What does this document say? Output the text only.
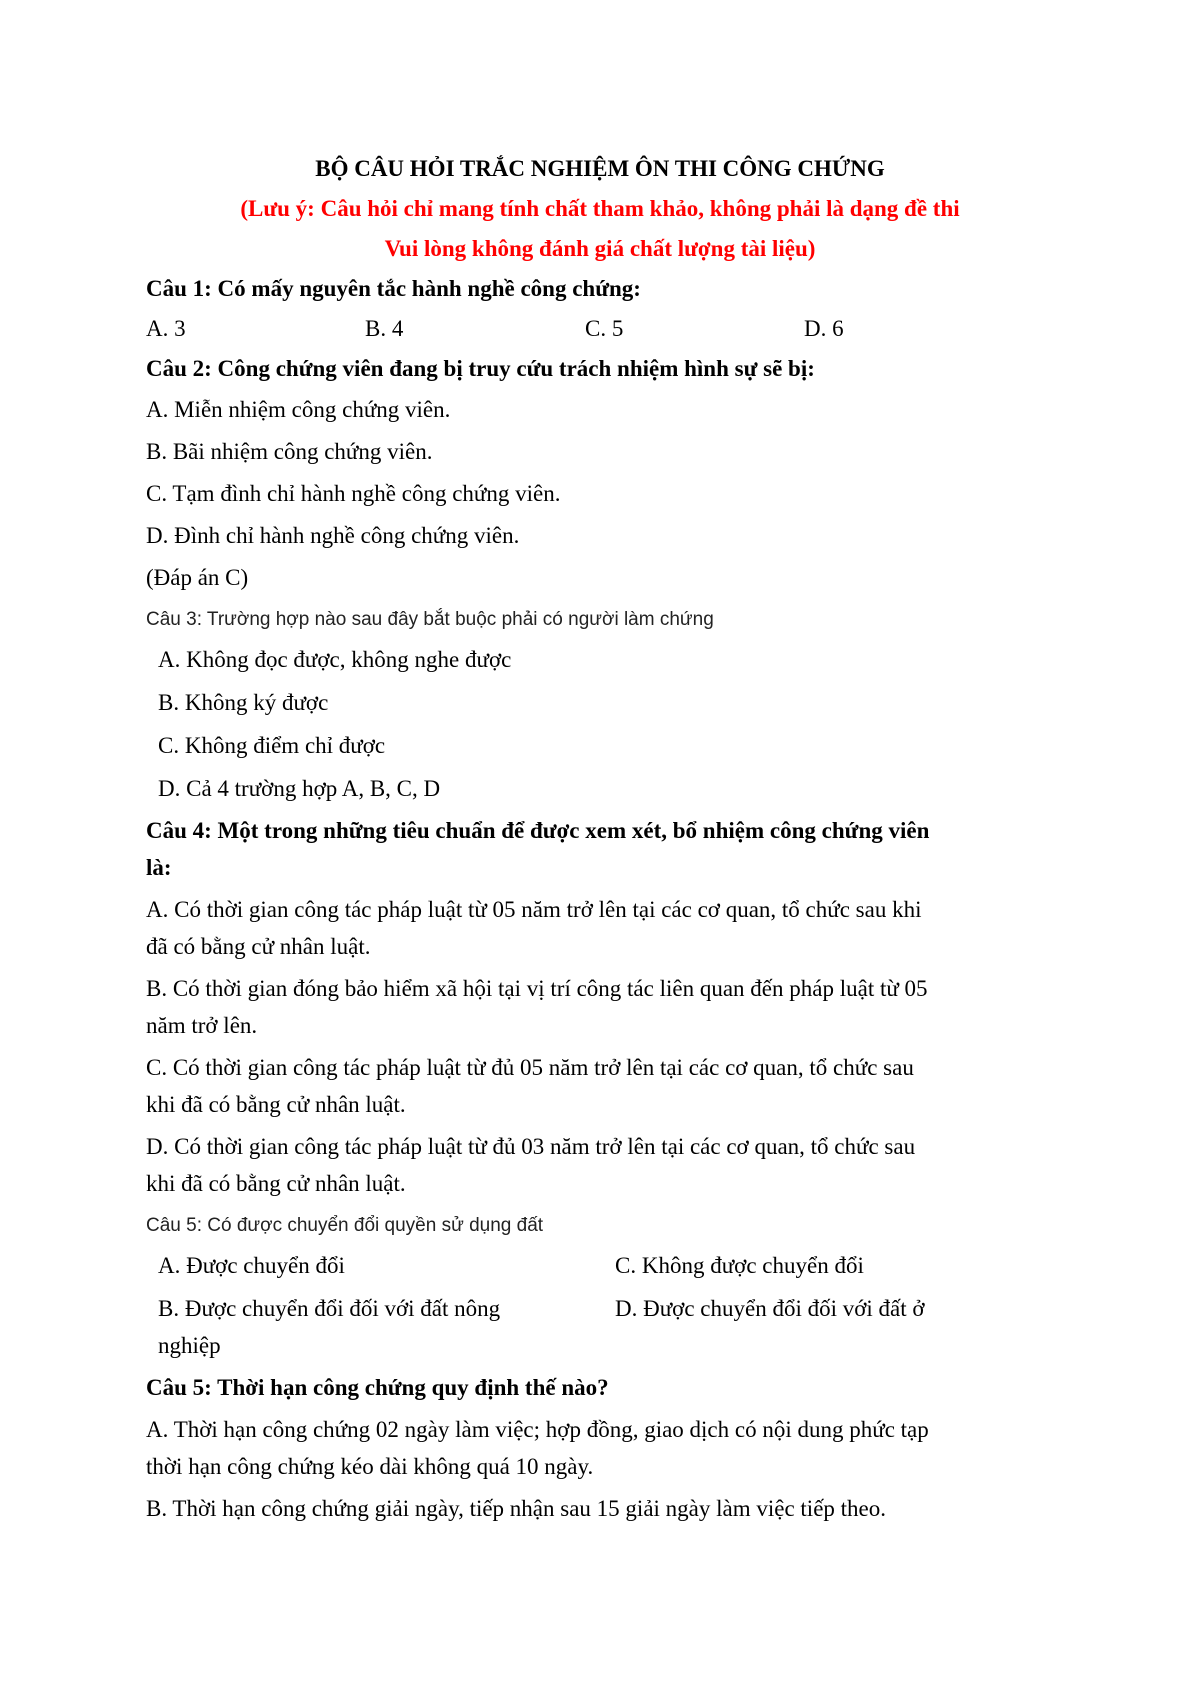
BỘ CÂU HỎI TRẮC NGHIỆM ÔN THI CÔNG CHỨNG
(Lưu ý: Câu hỏi chỉ mang tính chất tham khảo, không phải là dạng đề thi
Vui lòng không đánh giá chất lượng tài liệu)
Câu 1: Có mấy nguyên tắc hành nghề công chứng:
A. 3	B. 4	C. 5	D. 6
Câu 2: Công chứng viên đang bị truy cứu trách nhiệm hình sự sẽ bị:
A. Miễn nhiệm công chứng viên.
B. Bãi nhiệm công chứng viên.
C. Tạm đình chỉ hành nghề công chứng viên.
D. Đình chỉ hành nghề công chứng viên.
(Đáp án C)
Câu 3: Trường hợp nào sau đây bắt buộc phải có người làm chứng
A. Không đọc được, không nghe được
B. Không ký được
C. Không điểm chỉ được
D. Cả 4 trường hợp A, B, C, D
Câu 4: Một trong những tiêu chuẩn để được xem xét, bổ nhiệm công chứng viên
là:
A. Có thời gian công tác pháp luật từ 05 năm trở lên tại các cơ quan, tổ chức sau khi
đã có bằng cử nhân luật.
B. Có thời gian đóng bảo hiểm xã hội tại vị trí công tác liên quan đến pháp luật từ 05
năm trở lên.
C. Có thời gian công tác pháp luật từ đủ 05 năm trở lên tại các cơ quan, tổ chức sau
khi đã có bằng cử nhân luật.
D. Có thời gian công tác pháp luật từ đủ 03 năm trở lên tại các cơ quan, tổ chức sau
khi đã có bằng cử nhân luật.
Câu 5: Có được chuyển đổi quyền sử dụng đất
A. Được chuyển đổi	C. Không được chuyển đổi
B. Được chuyển đổi đối với đất nông	D. Được chuyển đổi đối với đất ở
nghiệp
Câu 5: Thời hạn công chứng quy định thế nào?
A. Thời hạn công chứng 02 ngày làm việc; hợp đồng, giao dịch có nội dung phức tạp
thời hạn công chứng kéo dài không quá 10 ngày.
B. Thời hạn công chứng giải ngày, tiếp nhận sau 15 giải ngày làm việc tiếp theo.
